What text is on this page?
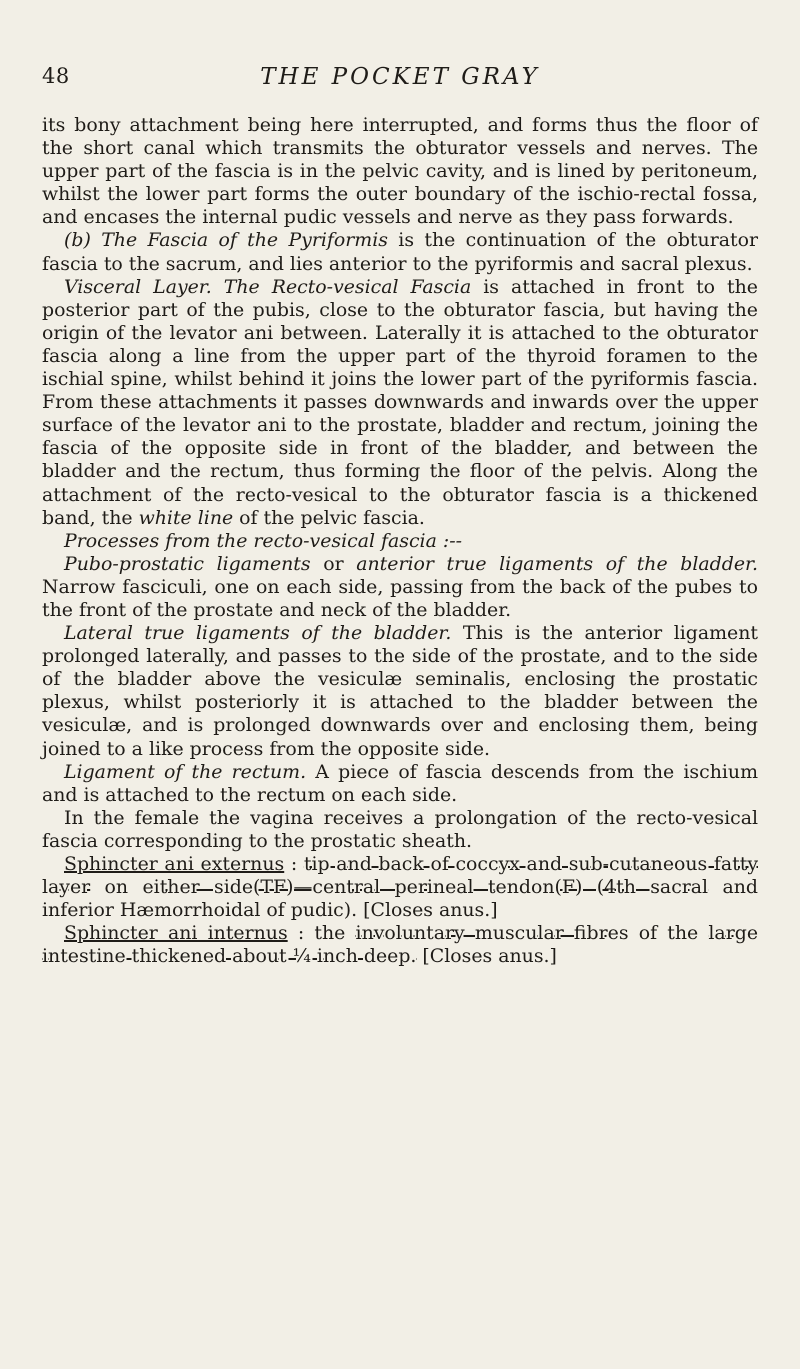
48	THE POCKET GRAY

its bony attachment being here interrupted, and forms thus the floor of the short canal which transmits the obturator vessels and nerves. The upper part of the fascia is in the pelvic cavity, and is lined by peritoneum, whilst the lower part forms the outer boundary of the ischio-rectal fossa, and encases the internal pudic vessels and nerve as they pass forwards.

(b) The Fascia of the Pyriformis is the continuation of the obturator fascia to the sacrum, and lies anterior to the pyriformis and sacral plexus.

Visceral Layer. The Recto-vesical Fascia is attached in front to the posterior part of the pubis, close to the obturator fascia, but having the origin of the levator ani between. Laterally it is attached to the obturator fascia along a line from the upper part of the thyroid foramen to the ischial spine, whilst behind it joins the lower part of the pyriformis fascia. From these attachments it passes downwards and inwards over the upper surface of the levator ani to the prostate, bladder and rectum, joining the fascia of the opposite side in front of the bladder, and between the bladder and the rectum, thus forming the floor of the pelvis. Along the attachment of the recto-vesical to the obturator fascia is a thickened band, the white line of the pelvic fascia.

Processes from the recto-vesical fascia :--

Pubo-prostatic ligaments or anterior true ligaments of the bladder. Narrow fasciculi, one on each side, passing from the back of the pubes to the front of the prostate and neck of the bladder.

Lateral true ligaments of the bladder. This is the anterior ligament prolonged laterally, and passes to the side of the prostate, and to the side of the bladder above the vesiculæ seminalis, enclosing the prostatic plexus, whilst posteriorly it is attached to the bladder between the vesiculæ, and is prolonged downwards over and enclosing them, being joined to a like process from the opposite side.

Ligament of the rectum. A piece of fascia descends from the ischium and is attached to the rectum on each side.

In the female the vagina receives a prolongation of the recto-vesical fascia corresponding to the prostatic sheath.

Sphincter ani externus : tip and back of coccyx and sub-cutaneous fatty layer on either side(TF)—central perineal tendon(F) (4th sacral and inferior Hæmorrhoidal of pudic). [Closes anus.]

Sphincter ani internus : the involuntary muscular fibres of the large intestine thickened about ¼ inch deep. [Closes anus.]
